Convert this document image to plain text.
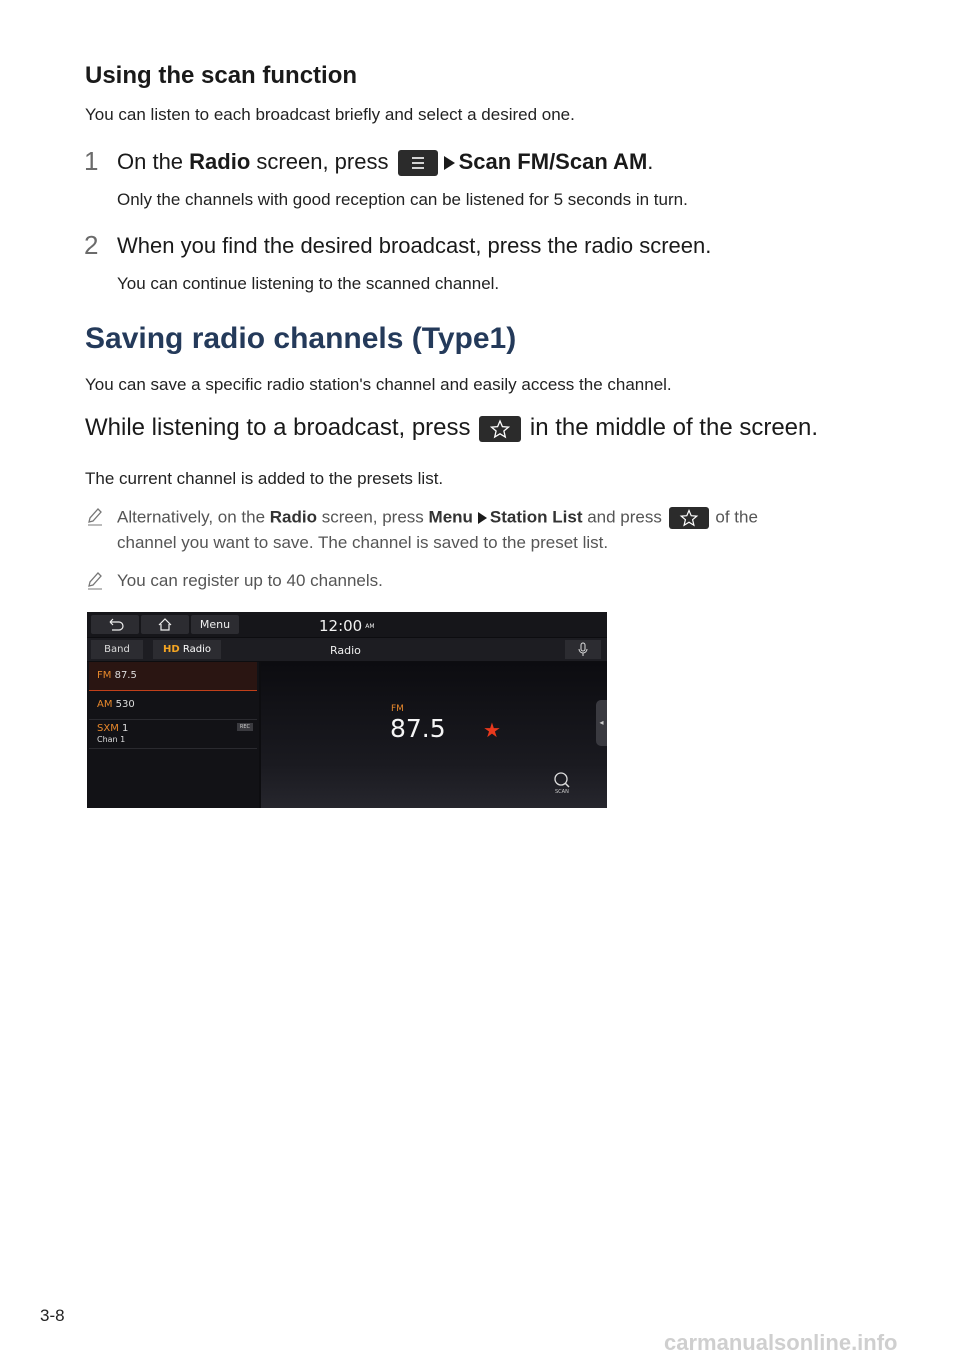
Using the scan function
You can listen to each broadcast briefly and select a desired one.
1 On the Radio screen, press	Scan FM/Scan AM.
Only the channels with good reception can be listened for 5 seconds in turn.
2 When you find the desired broadcast, press the radio screen.
You can continue listening to the scanned channel.
Saving radio channels (Type1)
You can save a specific radio station's channel and easily access the channel.
While listening to a broadcast, press in the middle of the screen.
The current channel is added to the presets list.
Alternatively, on the Radio screen, press Menu Station List and press	of the
channel you want to save. The channel is saved to the preset list.
You can register up to 40 channels.
Menu	12:00 AM
Band	HD Radio	Radio
FM 87.5
AM 530
SXM 1
Chan 1
REC
FM
87.5 ★
SCAN
◂
3-8
carmanualsonline.info
